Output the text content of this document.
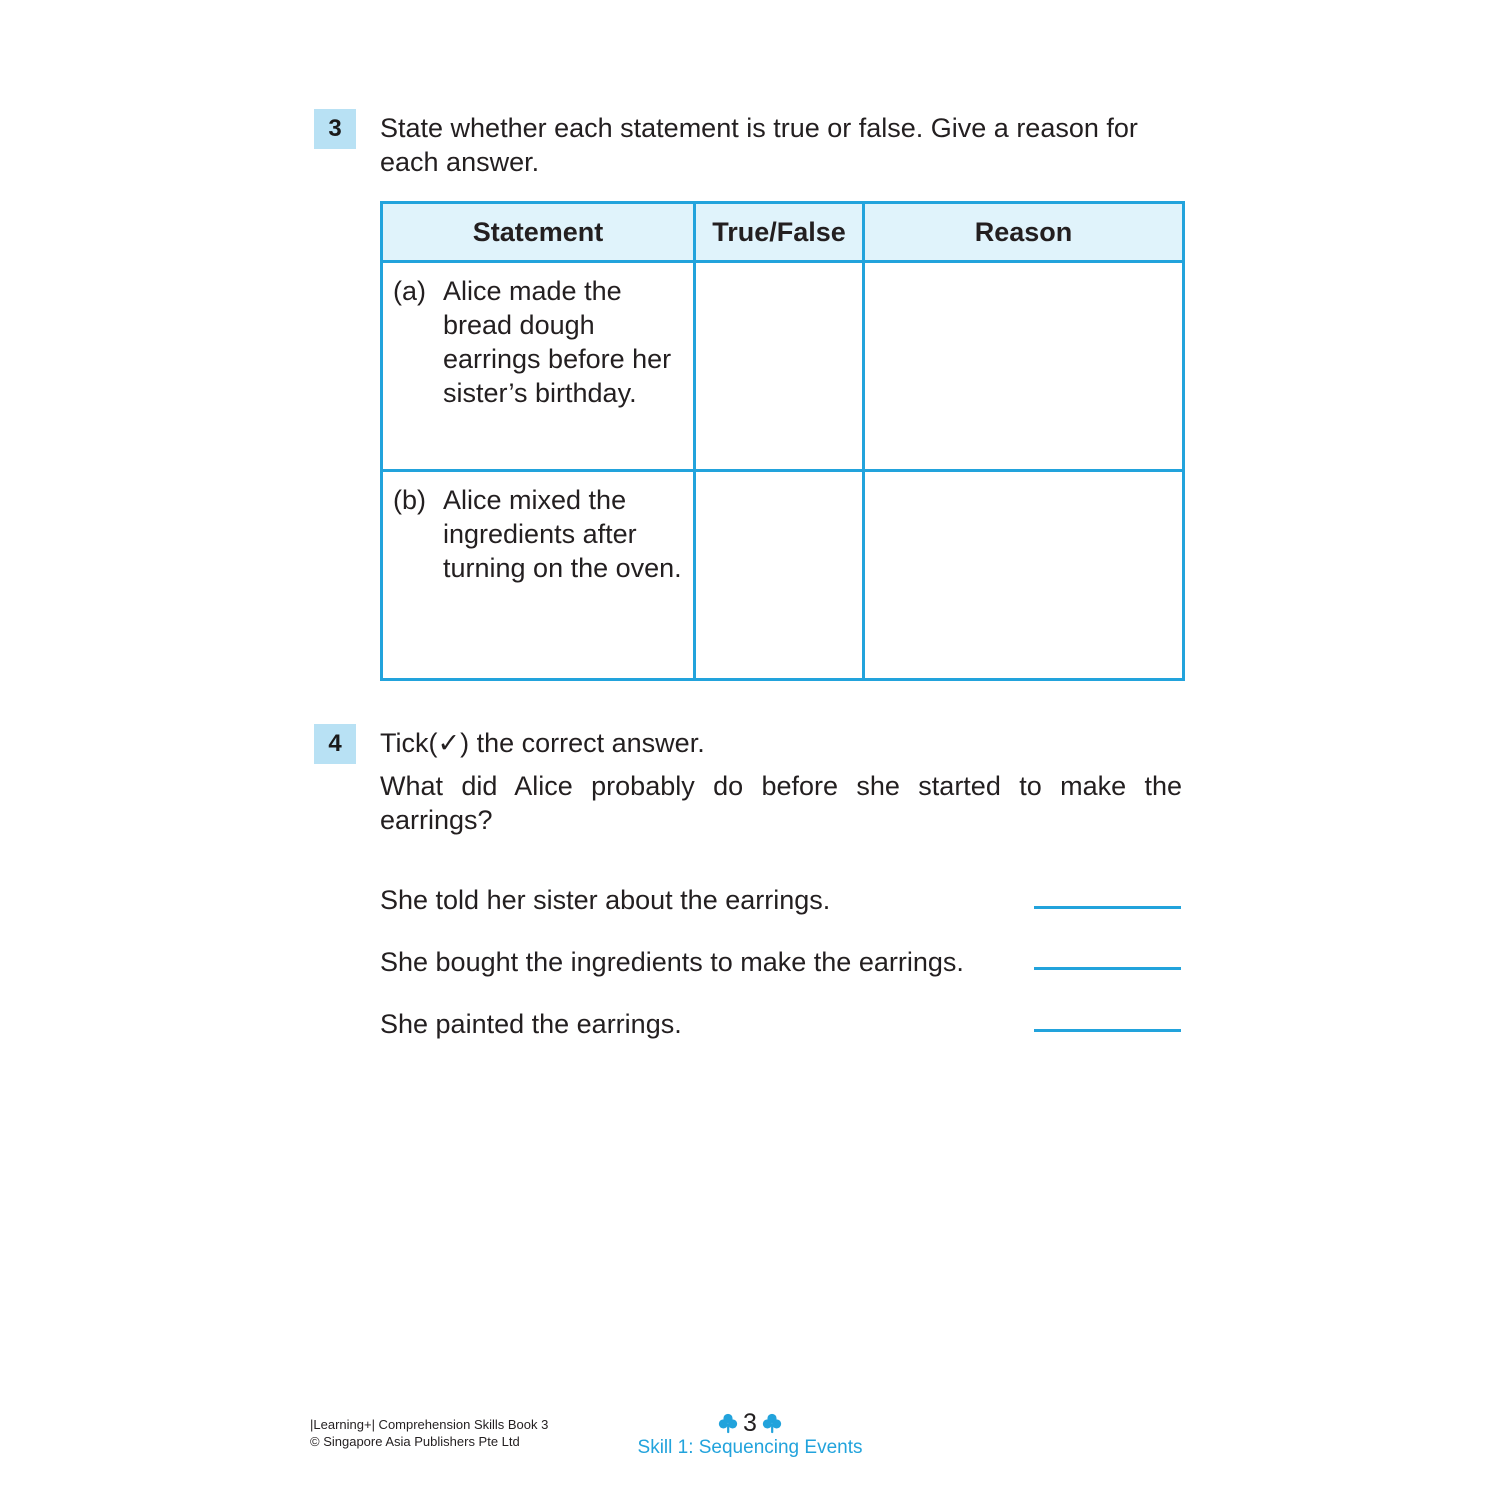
3	State whether each statement is true or false. Give a reason for each answer.
Statement	True/False	Reason

(a) Alice made the bread dough earrings before her sister’s birthday.		

(b) Alice mixed the ingredients after turning on the oven.		

4	Tick(✓) the correct answer.
What did Alice probably do before she started to make the earrings?
She told her sister about the earrings.
She bought the ingredients to make the earrings.
She painted the earrings.
|Learning+| Comprehension Skills Book 3
© Singapore Asia Publishers Pte Ltd
3
Skill 1: Sequencing Events
